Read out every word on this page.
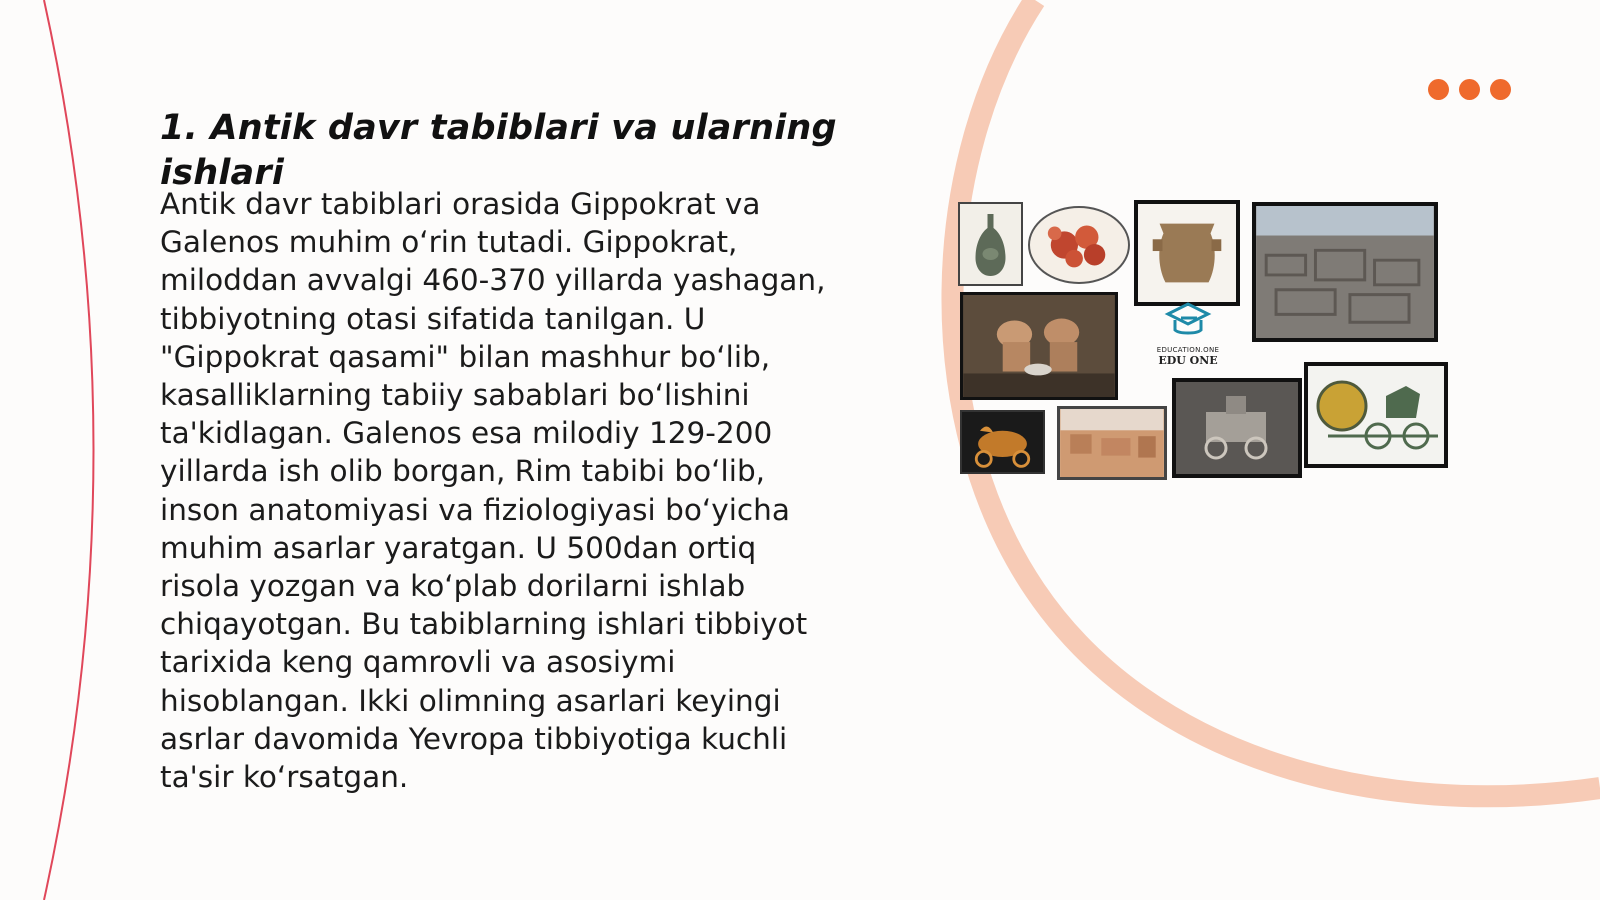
1. Antik davr tabiblari va ularning ishlari

Antik davr tabiblari orasida Gippokrat va Galenos muhim o‘rin tutadi. Gippokrat, miloddan avvalgi 460-370 yillarda yashagan, tibbiyotning otasi sifatida tanilgan. U "Gippokrat qasami" bilan mashhur bo‘lib, kasalliklarning tabiiy sabablari bo‘lishini ta'kidlagan. Galenos esa milodiy 129-200 yillarda ish olib borgan, Rim tabibi bo‘lib, inson anatomiyasi va fiziologiyasi bo‘yicha muhim asarlar yaratgan. U 500dan ortiq risola yozgan va ko‘plab dorilarni ishlab chiqayotgan. Bu tabiblarning ishlari tibbiyot tarixida keng qamrovli va asosiymi hisoblangan. Ikki olimning asarlari keyingi asrlar davomida Yevropa tibbiyotiga kuchli ta'sir ko‘rsatgan.

EDUCATION.ONE
EDU ONE
